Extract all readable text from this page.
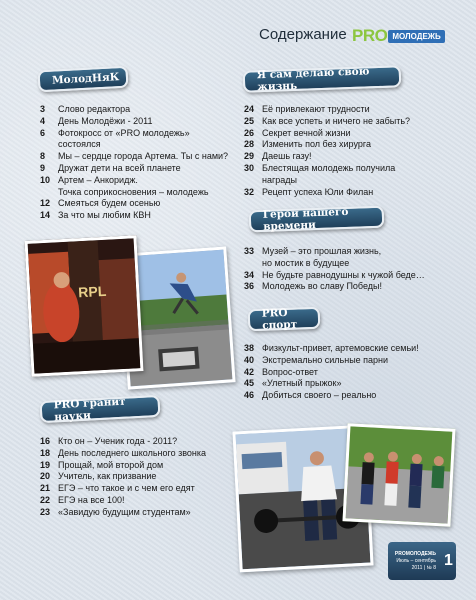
Содержание PRO МОЛОДЕЖЬ
МолодНяК
3	Слово редактора
4	День Молодёжи - 2011
6	Фотокросс от «PRO молодежь»
состоялся
8	Мы – сердце города Артема. Ты с нами?
9	Дружат дети на всей планете
10 Артем – Анкоридж.
Точка соприкосновения – молодежь
12 Смеяться будем осенью
14 За что мы любим КВН
Я сам делаю свою жизнь
24 Её привлекают трудности
25 Как все успеть и ничего не забыть?
26 Секрет вечной жизни
28 Изменить пол без хирурга
29 Даешь газу!
30 Блестящая молодежь получила
награды
32 Рецепт успеха Юли Филан
Герои нашего времени
33 Музей – это прошлая жизнь,
но мостик в будущее
34 Не будьте равнодушны к чужой беде…
36 Молодежь во славу Победы!
PRO спорт
38 Физкульт-привет, артемовские семьи!
40 Экстремально сильные парни
42 Вопрос-ответ
45 «Улетный прыжок»
46 Добиться своего – реально
PRO гранит науки
16 Кто он – Ученик года - 2011?
18 День последнего школьного звонка
19 Прощай, мой второй дом
20 Учитель, как призвание
21 ЕГЭ – что такое и с чем его едят
22 ЕГЭ на все 100!
23 «Завидую будущим студентам»
RPL
PROМОЛОДЕЖЬ
Июль – сентябрь
2011 | № 8 1
